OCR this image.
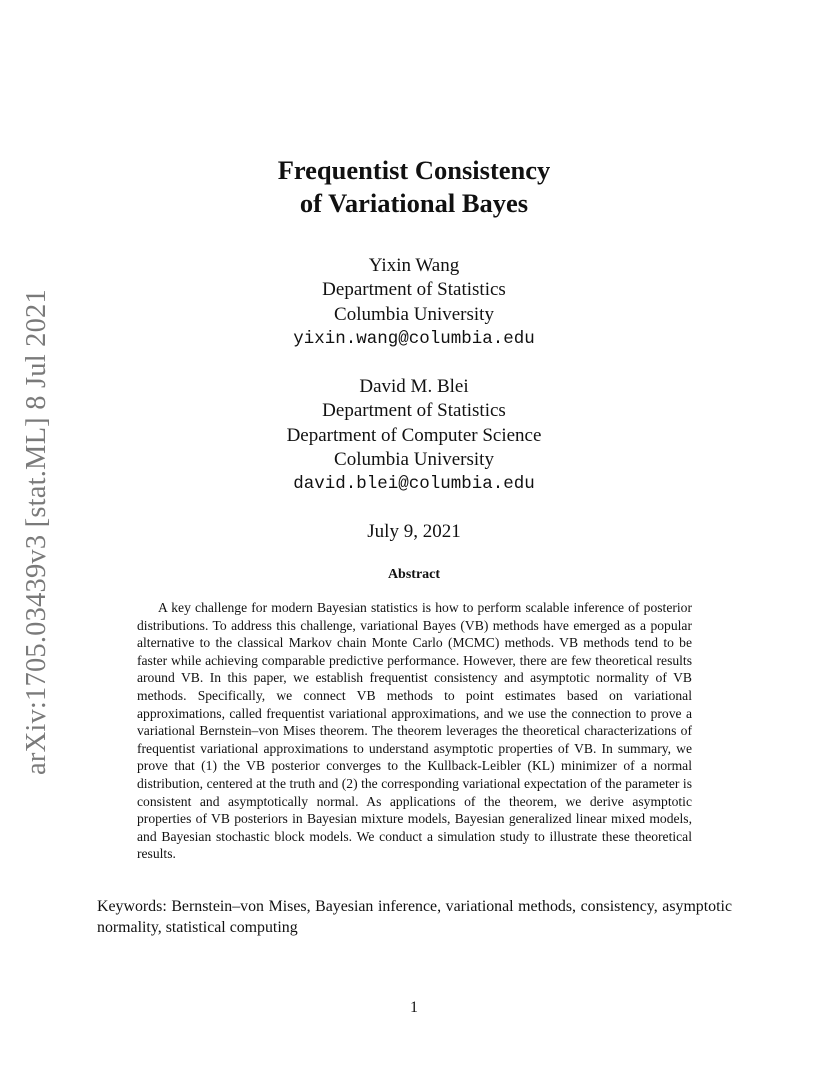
arXiv:1705.03439v3 [stat.ML] 8 Jul 2021
Frequentist Consistency
of Variational Bayes
Yixin Wang
Department of Statistics
Columbia University
yixin.wang@columbia.edu
David M. Blei
Department of Statistics
Department of Computer Science
Columbia University
david.blei@columbia.edu
July 9, 2021
Abstract
A key challenge for modern Bayesian statistics is how to perform scalable inference of posterior distributions. To address this challenge, variational Bayes (VB) methods have emerged as a popular alternative to the classical Markov chain Monte Carlo (MCMC) methods. VB methods tend to be faster while achieving comparable predictive performance. However, there are few theoretical results around VB. In this paper, we establish frequentist consistency and asymptotic normality of VB methods. Specifically, we connect VB methods to point estimates based on variational approximations, called frequentist variational approximations, and we use the connection to prove a variational Bernstein–von Mises theorem. The theorem leverages the theoretical characterizations of frequentist variational approximations to understand asymptotic properties of VB. In summary, we prove that (1) the VB posterior converges to the Kullback-Leibler (KL) minimizer of a normal distribution, centered at the truth and (2) the corresponding variational expectation of the parameter is consistent and asymptotically normal. As applications of the theorem, we derive asymptotic properties of VB posteriors in Bayesian mixture models, Bayesian generalized linear mixed models, and Bayesian stochastic block models. We conduct a simulation study to illustrate these theoretical results.
Keywords: Bernstein–von Mises, Bayesian inference, variational methods, consistency, asymptotic normality, statistical computing
1
